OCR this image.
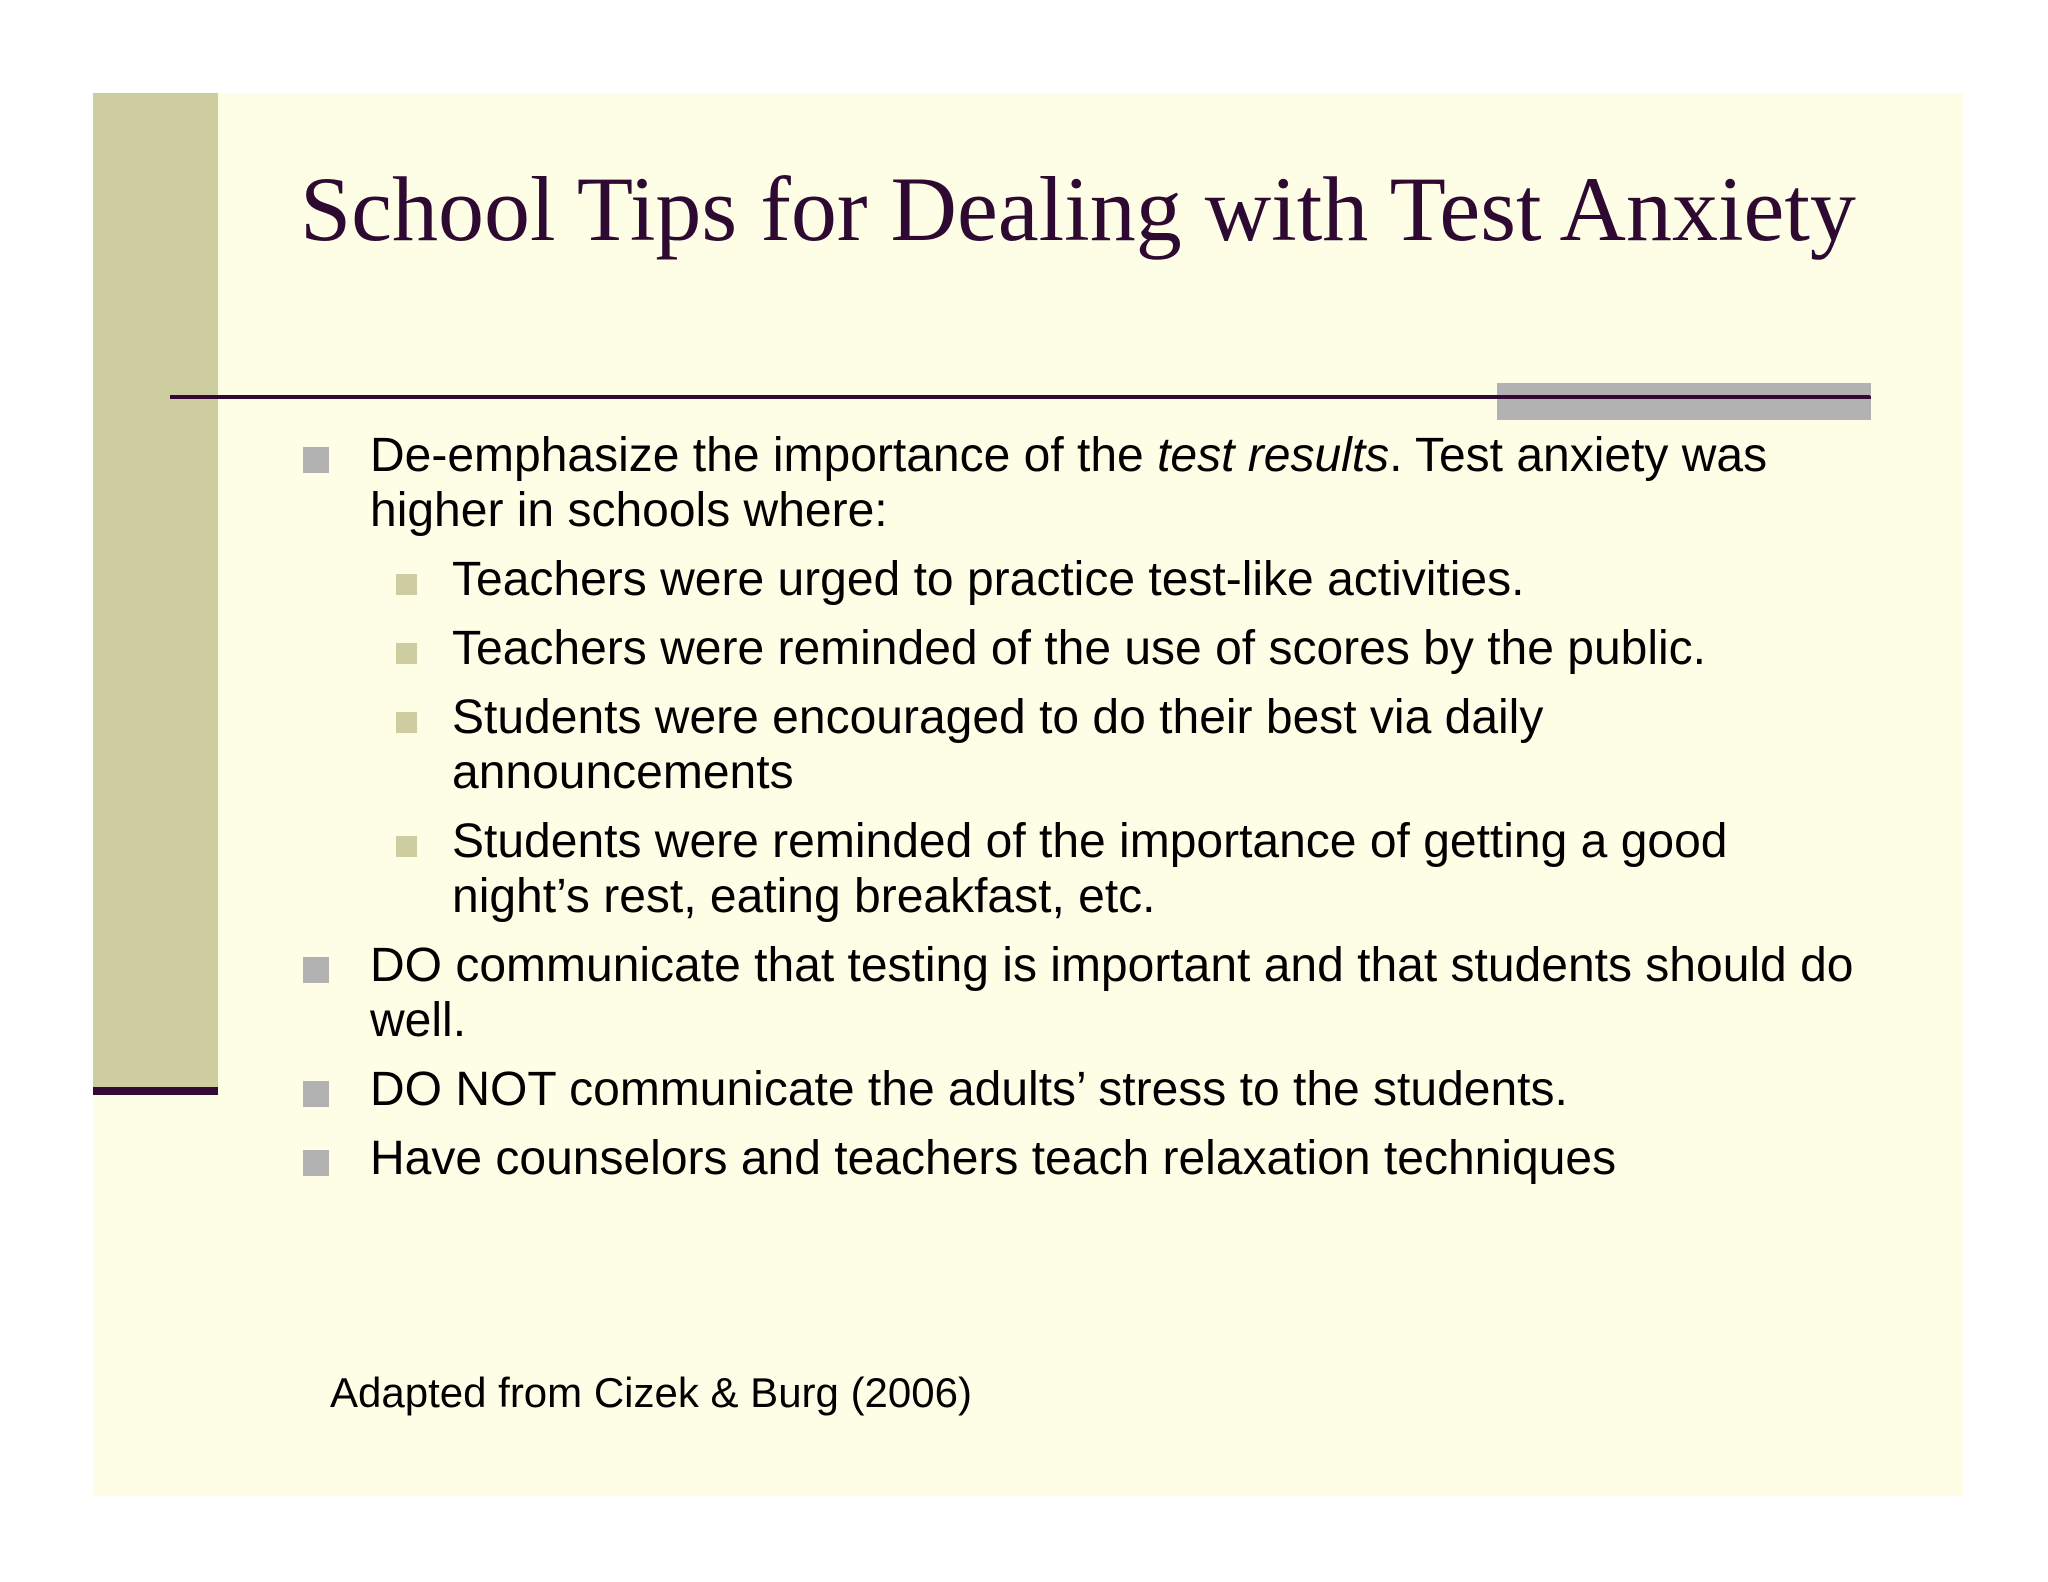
School Tips for Dealing with Test Anxiety
De-emphasize the importance of the test results. Test anxiety was higher in schools where:
Teachers were urged to practice test-like activities.
Teachers were reminded of the use of scores by the public.
Students were encouraged to do their best via daily announcements
Students were reminded of the importance of getting a good night’s rest, eating breakfast, etc.
DO communicate that testing is important and that students should do well.
DO NOT communicate the adults’ stress to the students.
Have counselors and teachers teach relaxation techniques
Adapted from Cizek & Burg (2006)
